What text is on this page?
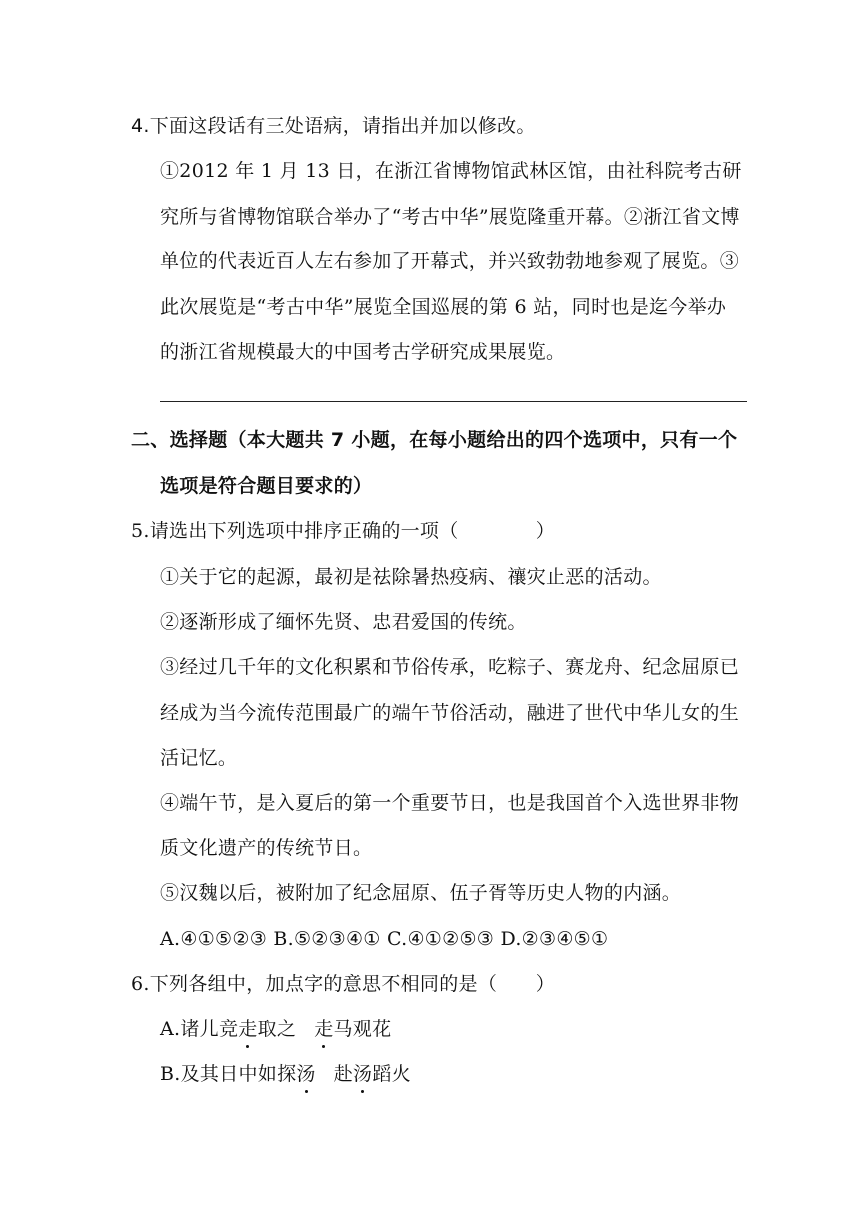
4.下面这段话有三处语病，请指出并加以修改。
①2012 年 1 月 13 日，在浙江省博物馆武林区馆，由社科院考古研
究所与省博物馆联合举办了“考古中华”展览隆重开幕。②浙江省文博
单位的代表近百人左右参加了开幕式，并兴致勃勃地参观了展览。③
此次展览是“考古中华”展览全国巡展的第 6 站，同时也是迄今举办
的浙江省规模最大的中国考古学研究成果展览。
二、选择题（本大题共 7 小题，在每小题给出的四个选项中，只有一个
选项是符合题目要求的）
5.请选出下列选项中排序正确的一项（　　　　）
①关于它的起源，最初是祛除暑热疫病、禳灾止恶的活动。
②逐渐形成了缅怀先贤、忠君爱国的传统。
③经过几千年的文化积累和节俗传承，吃粽子、赛龙舟、纪念屈原已
经成为当今流传范围最广的端午节俗活动，融进了世代中华儿女的生
活记忆。
④端午节，是入夏后的第一个重要节日，也是我国首个入选世界非物
质文化遗产的传统节日。
⑤汉魏以后，被附加了纪念屈原、伍子胥等历史人物的内涵。
A.④①⑤②③ B.⑤②③④① C.④①②⑤③ D.②③④⑤①
6.下列各组中，加点字的意思不相同的是（　　）
A.诸儿竞走取之 走马观花
B.及其日中如探汤 赴汤蹈火
